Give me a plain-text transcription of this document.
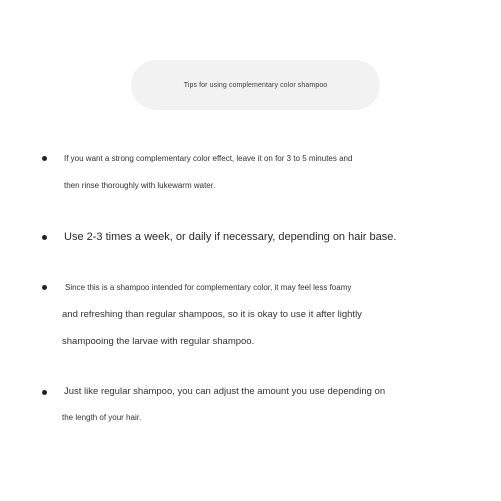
Tips for using complementary color shampoo
If you want a strong complementary color effect, leave it on for 3 to 5 minutes and
then rinse thoroughly with lukewarm water.
Use 2-3 times a week, or daily if necessary, depending on hair base.
Since this is a shampoo intended for complementary color, it may feel less foamy
and refreshing than regular shampoos, so it is okay to use it after lightly
shampooing the larvae with regular shampoo.
Just like regular shampoo, you can adjust the amount you use depending on
the length of your hair.
